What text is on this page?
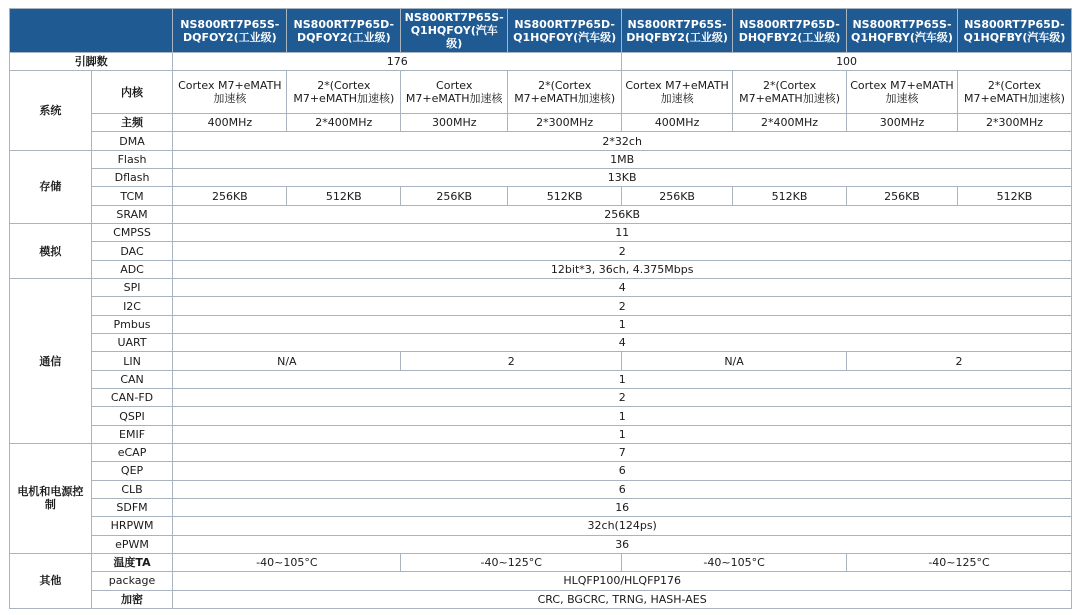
		NS800RT7P65S-DQFOY2(工业级)	NS800RT7P65D-DQFOY2(工业级)	NS800RT7P65S-Q1HQFOY(汽车级)	NS800RT7P65D-Q1HQFOY(汽车级)	NS800RT7P65S-DHQFBY2(工业级)	NS800RT7P65D-DHQFBY2(工业级)	NS800RT7P65S-Q1HQFBY(汽车级)	NS800RT7P65D-Q1HQFBY(汽车级)
引脚数		176				100			
系统	内核	Cortex M7+eMATH加速核	2*(Cortex M7+eMATH加速核)	Cortex M7+eMATH加速核	2*(Cortex M7+eMATH加速核)	Cortex M7+eMATH加速核	2*(Cortex M7+eMATH加速核)	Cortex M7+eMATH加速核	2*(Cortex M7+eMATH加速核)
	主频	400MHz	2*400MHz	300MHz	2*300MHz	400MHz	2*400MHz	300MHz	2*300MHz
	DMA	2*32ch							
存储	Flash	1MB							
	Dflash	13KB							
	TCM	256KB	512KB	256KB	512KB	256KB	512KB	256KB	512KB
	SRAM	256KB							
模拟	CMPSS	11							
	DAC	2							
	ADC	12bit*3, 36ch, 4.375Mbps							
通信	SPI	4							
	I2C	2							
	Pmbus	1							
	UART	4							
	LIN	N/A		2		N/A		2	
	CAN	1							
	CAN-FD	2							
	QSPI	1							
	EMIF	1							
电机和电源控制	eCAP	7							
	QEP	6							
	CLB	6							
	SDFM	16							
	HRPWM	32ch(124ps)							
	ePWM	36							
其他	温度TA	-40~105°C		-40~125°C		-40~105°C		-40~125°C	
	package	HLQFP100/HLQFP176							
	加密	CRC, BGCRC, TRNG, HASH-AES							
